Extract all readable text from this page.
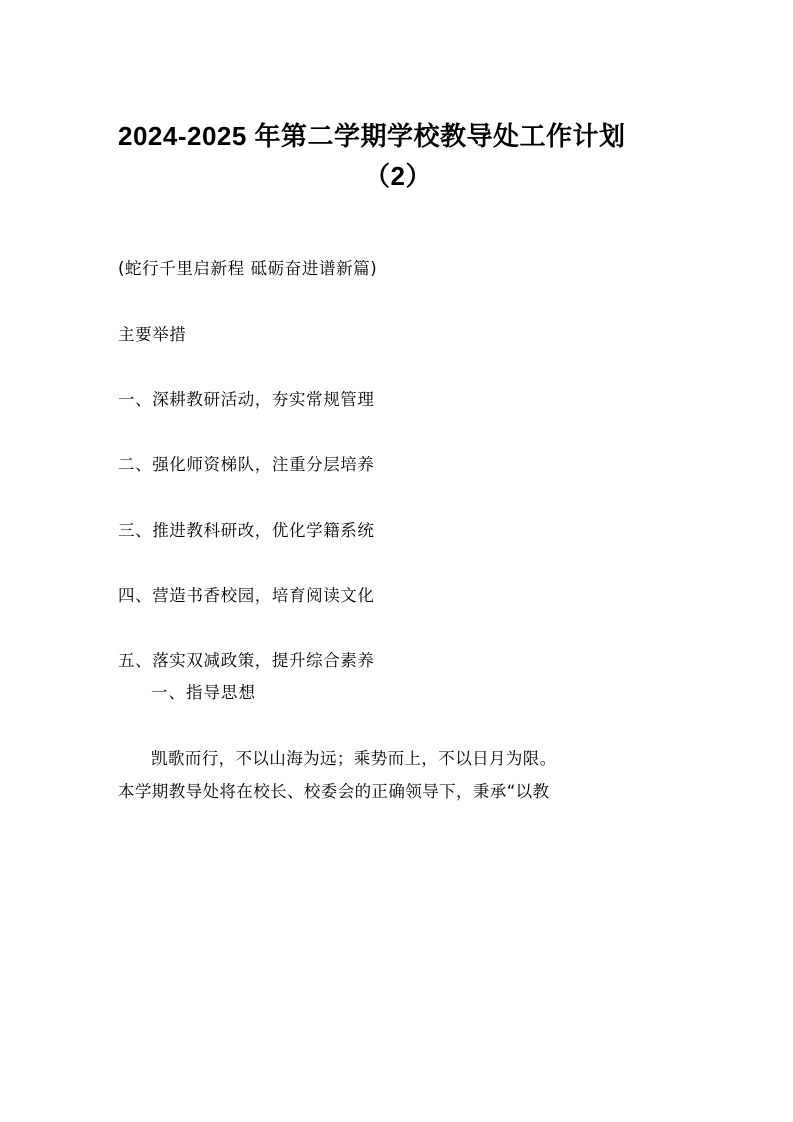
2024-2025 年第二学期学校教导处工作计划
（2）

(蛇行千里启新程 砥砺奋进谱新篇)

主要举措

一、深耕教研活动，夯实常规管理

二、强化师资梯队，注重分层培养

三、推进教科研改，优化学籍系统

四、营造书香校园，培育阅读文化

五、落实双减政策，提升综合素养

一、指导思想

凯歌而行，不以山海为远；乘势而上，不以日月为限。

本学期教导处将在校长、校委会的正确领导下，秉承“以教
